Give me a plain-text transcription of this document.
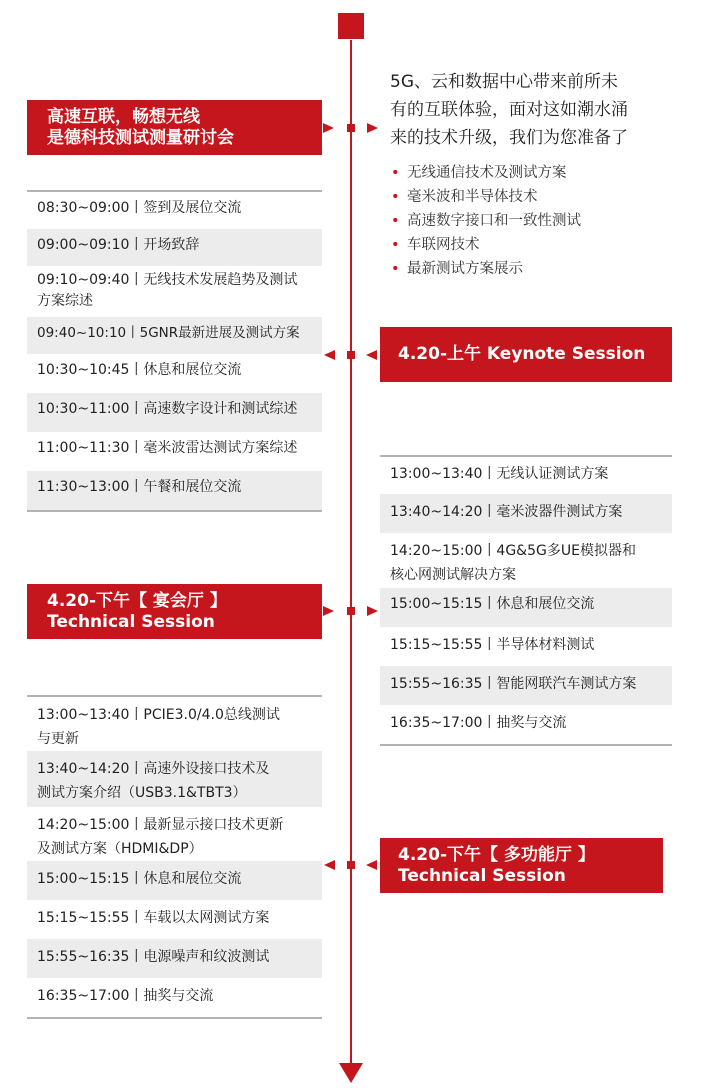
高速互联，畅想无线
是德科技测试测量研讨会
4.20-上午 Keynote Session
4.20-下午【 宴会厅 】
Technical Session
4.20-下午【 多功能厅 】
Technical Session
5G、云和数据中心带来前所未
有的互联体验，面对这如潮水涌
来的技术升级，我们为您准备了
• 无线通信技术及测试方案
• 毫米波和半导体技术
• 高速数字接口和一致性测试
• 车联网技术
• 最新测试方案展示
08:30~09:00丨签到及展位交流
09:00~09:10丨开场致辞
09:10~09:40丨无线技术发展趋势及测试
方案综述
09:40~10:10丨5GNR最新进展及测试方案
10:30~10:45丨休息和展位交流
10:30~11:00丨高速数字设计和测试综述
11:00~11:30丨毫米波雷达测试方案综述
11:30~13:00丨午餐和展位交流
13:00~13:40丨无线认证测试方案
13:40~14:20丨毫米波器件测试方案
14:20~15:00丨4G&5G多UE模拟器和
核心网测试解决方案
15:00~15:15丨休息和展位交流
15:15~15:55丨半导体材料测试
15:55~16:35丨智能网联汽车测试方案
16:35~17:00丨抽奖与交流
13:00~13:40丨PCIE3.0/4.0总线测试
与更新
13:40~14:20丨高速外设接口技术及
测试方案介绍（USB3.1&TBT3）
14:20~15:00丨最新显示接口技术更新
及测试方案（HDMI&DP）
15:00~15:15丨休息和展位交流
15:15~15:55丨车载以太网测试方案
15:55~16:35丨电源噪声和纹波测试
16:35~17:00丨抽奖与交流
